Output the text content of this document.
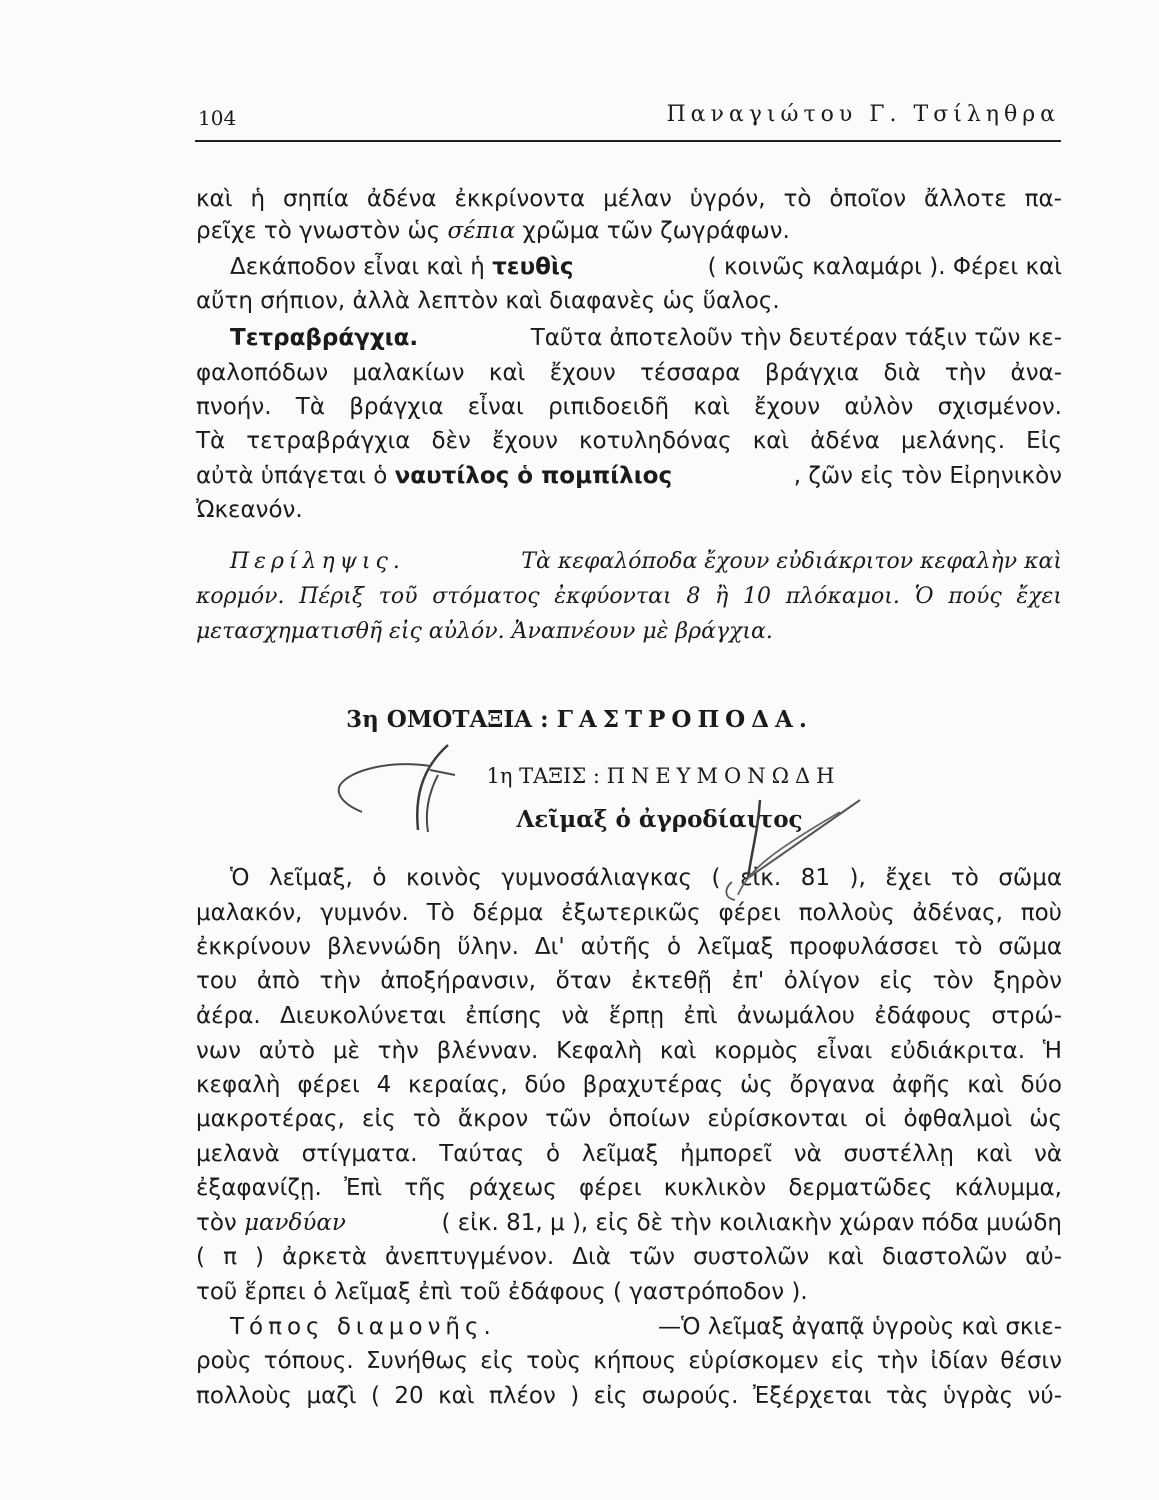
104	Παναγιώτου Γ. Τσίληθρα
καὶ ἡ σηπία ἀδένα ἐκκρίνοντα μέλαν ὑγρόν, τὸ ὁποῖον ἄλλοτε πα-
ρεῖχε τὸ γνωστὸν ὡς σέπια χρῶμα τῶν ζωγράφων.
Δεκάποδον εἶναι καὶ ἡ τευθὶς	( κοινῶς καλαμάρι ). Φέρει καὶ
αὔτη σήπιον, ἀλλὰ λεπτὸν καὶ διαφανὲς ὡς ὕαλος.
Τετραβράγχια.	Ταῦτα ἀποτελοῦν τὴν δευτέραν τάξιν τῶν κε-
φαλοπόδων μαλακίων καὶ ἔχουν τέσσαρα βράγχια διὰ τὴν ἀνα-
πνοήν. Τὰ βράγχια εἶναι ριπιδοειδῆ καὶ ἔχουν αὐλὸν σχισμένον.
Τὰ τετραβράγχια δὲν ἔχουν κοτυληδόνας καὶ ἀδένα μελάνης. Εἰς
αὐτὰ ὑπάγεται ὁ ναυτίλος ὁ πομπίλιος	, ζῶν εἰς τὸν Εἰρηνικὸν
Ὠκεανόν.
Περίληψις.	Τὰ κεφαλόποδα ἔχουν εὐδιάκριτον κεφαλὴν καὶ
κορμόν. Πέριξ τοῦ στόματος ἐκφύονται 8 ἢ 10 πλόκαμοι. Ὁ πούς ἔχει
μετασχηματισθῆ εἰς αὐλόν. Ἀναπνέουν μὲ βράγχια.
3η ΟΜΟΤΑΞΙΑ : ΓΑΣΤΡΟΠΟΔΑ.
1η ΤΑΞΙΣ : ΠΝΕΥΜΟΝΩΔΗ
Λεῖμαξ ὁ ἀγροδίαιτος
Ὁ λεῖμαξ, ὁ κοινὸς γυμνοσάλιαγκας ( εἰκ. 81 ), ἔχει τὸ σῶμα
μαλακόν, γυμνόν. Τὸ δέρμα ἐξωτερικῶς φέρει πολλοὺς ἀδένας, ποὺ
ἐκκρίνουν βλεννώδη ὕλην. Δι' αὐτῆς ὁ λεῖμαξ προφυλάσσει τὸ σῶμα
του ἀπὸ τὴν ἀποξήρανσιν, ὅταν ἐκτεθῇ ἐπ' ὀλίγον εἰς τὸν ξηρὸν
ἀέρα. Διευκολύνεται ἐπίσης νὰ ἕρπῃ ἐπὶ ἀνωμάλου ἐδάφους στρώ-
νων αὐτὸ μὲ τὴν βλένναν. Κεφαλὴ καὶ κορμὸς εἶναι εὐδιάκριτα. Ἡ
κεφαλὴ φέρει 4 κεραίας, δύο βραχυτέρας ὡς ὄργανα ἀφῆς καὶ δύο
μακροτέρας, εἰς τὸ ἄκρον τῶν ὁποίων εὑρίσκονται οἱ ὀφθαλμοὶ ὡς
μελανὰ στίγματα. Ταύτας ὁ λεῖμαξ ἠμπορεῖ νὰ συστέλλῃ καὶ νὰ
ἐξαφανίζῃ. Ἐπὶ τῆς ράχεως φέρει κυκλικὸν δερματῶδες κάλυμμα,
τὸν μανδύαν	( εἰκ. 81, μ ), εἰς δὲ τὴν κοιλιακὴν χώραν πόδα μυώδη
( π ) ἀρκετὰ ἀνεπτυγμένον. Διὰ τῶν συστολῶν καὶ διαστολῶν αὐ-
τοῦ ἕρπει ὁ λεῖμαξ ἐπὶ τοῦ ἐδάφους ( γαστρόποδον ).
Τόπος διαμονῆς.	—Ὁ λεῖμαξ ἀγαπᾷ ὑγροὺς καὶ σκιε-
ροὺς τόπους. Συνήθως εἰς τοὺς κήπους εὑρίσκομεν εἰς τὴν ἰδίαν θέσιν
πολλοὺς μαζὶ ( 20 καὶ πλέον ) εἰς σωρούς. Ἐξέρχεται τὰς ὑγρὰς νύ-
